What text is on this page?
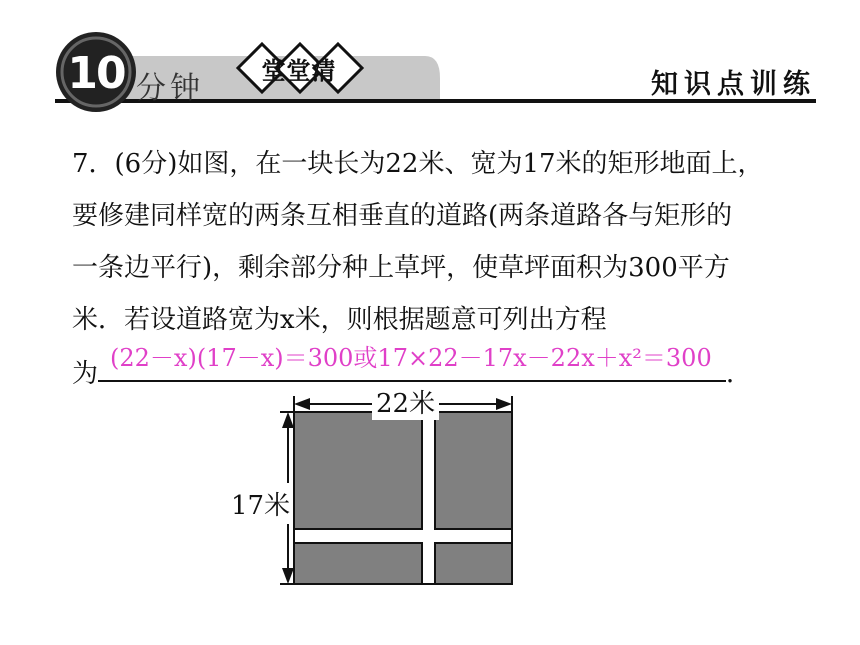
10 分钟
堂堂清	知识点训练

7．(6分)如图，在一块长为22米、宽为17米的矩形地面上，

要修建同样宽的两条互相垂直的道路(两条道路各与矩形的

一条边平行)，剩余部分种上草坪，使草坪面积为300平方

米．若设道路宽为x米，则根据题意可列出方程

为
(22－x)(17－x)＝300或17×22－17x－22x＋x²＝300
．

22米
17米
